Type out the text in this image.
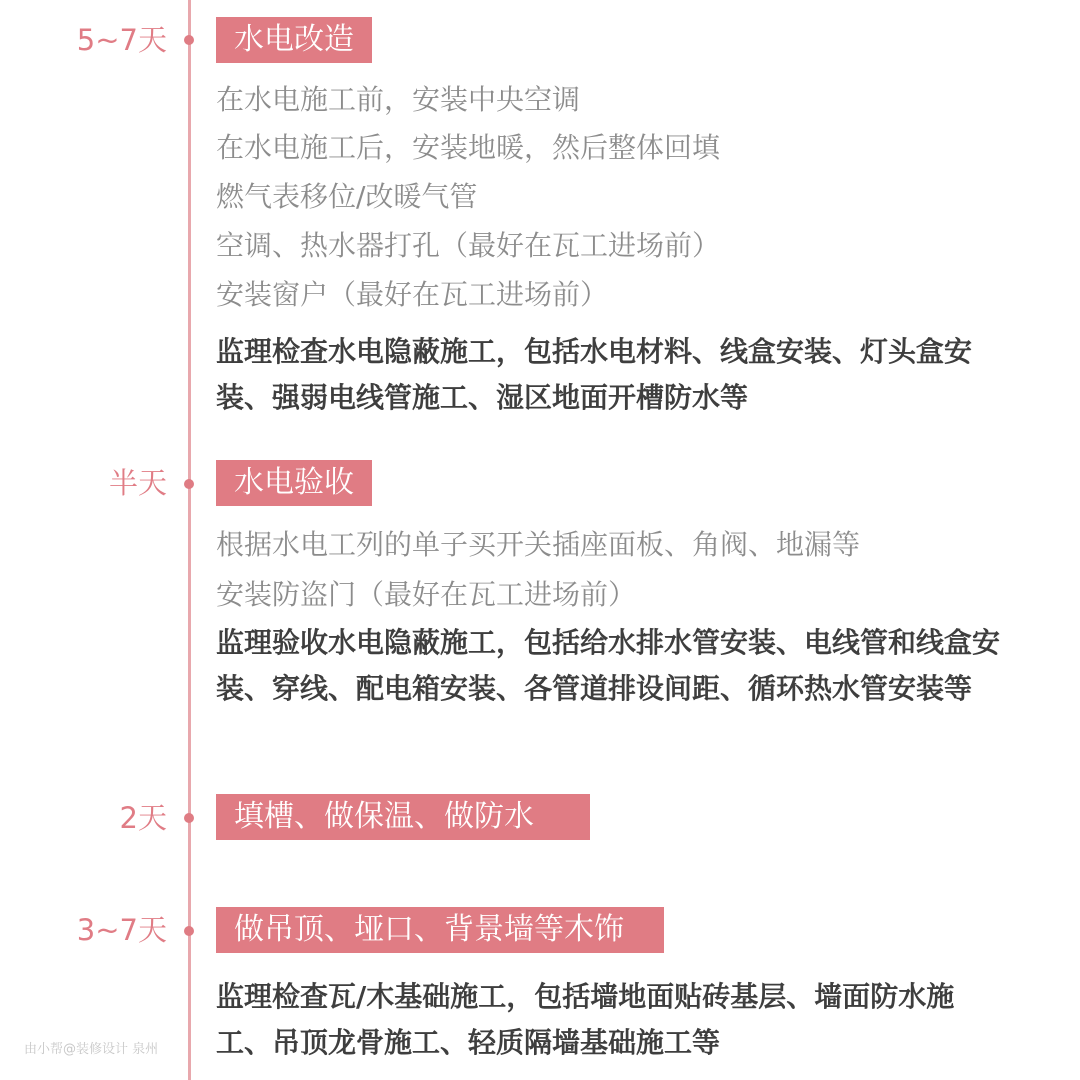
5~7天	水电改造
在水电施工前，安装中央空调
在水电施工后，安装地暖，然后整体回填
燃气表移位/改暖气管
空调、热水器打孔（最好在瓦工进场前）
安装窗户（最好在瓦工进场前）
监理检查水电隐蔽施工，包括水电材料、线盒安装、灯头盒安装、强弱电线管施工、湿区地面开槽防水等
半天	水电验收
根据水电工列的单子买开关插座面板、角阀、地漏等
安装防盗门（最好在瓦工进场前）
监理验收水电隐蔽施工，包括给水排水管安装、电线管和线盒安装、穿线、配电箱安装、各管道排设间距、循环热水管安装等
2天	填槽、做保温、做防水
3~7天	做吊顶、垭口、背景墙等木饰
监理检查瓦/木基础施工，包括墙地面贴砖基层、墙面防水施工、吊顶龙骨施工、轻质隔墙基础施工等
由小帮@装修设计 泉州
